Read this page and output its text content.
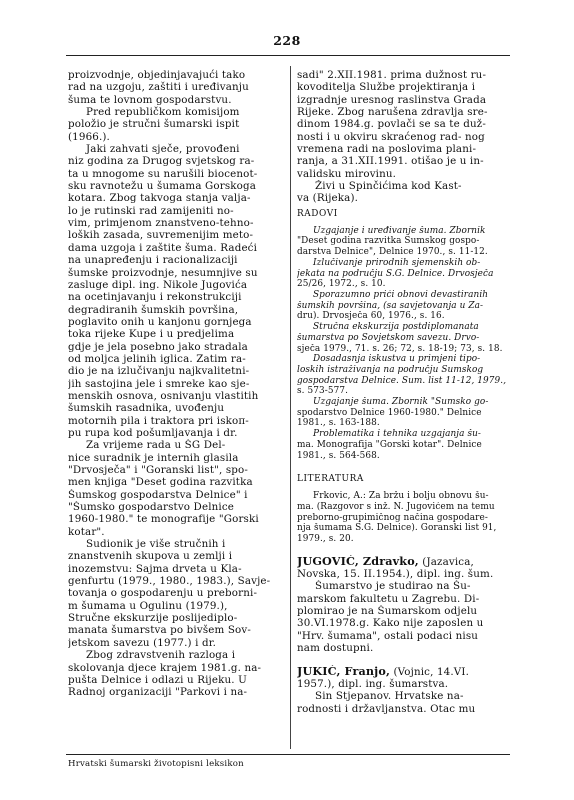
228
proizvodnje, objedinjavajući tako
rad na uzgoju, zaštiti i uređivanju
šuma te lovnom gospodarstvu.
Pred republičkom komisijom
položio je stručni šumarski ispit
(1966.).
Jaki zahvati sječe, provođeni
niz godina za Drugog svjetskog ra-
ta u mnogome su narušili biocenot-
sku ravnotežu u šumama Gorskoga
kotara. Zbog takvoga stanja valja-
lo je rutinski rad zamijeniti no-
vim, primjenom znanstveno-tehno-
loških zasada, suvremenijim meto-
dama uzgoja i zaštite šuma. Radeći
na unapređenju i racionalizaciji
šumske proizvodnje, nesumnjive su
zasluge dipl. ing. Nikole Jugovića
na ocetinjavanju i rekonstrukciji
degradiranih šumskih površina,
poglavito onih u kanjonu gornjega
toka rijeke Kupe i u predjelima
gdje je jela posebno jako stradala
od moljca jelinih iglica. Zatim ra-
dio je na izlučivanju najkvalitetni-
jih sastojina jele i smreke kao sje-
menskih osnova, osnivanju vlastitih
šumskih rasadnika, uvođenju
motornih pila i traktora pri iskoπ-
pu rupa kod pošumljavanja i dr.
Za vrijeme rada u ŠG Del-
nice suradnik je internih glasila
"Drvosječa" i "Goranski list", spo-
men knjiga "Deset godina razvitka
Šumskog gospodarstva Delnice" i
"Šumsko gospodarstvo Delnice
1960-1980." te monografije "Gorski
kotar".
Sudionik je više stručnih i
znanstvenih skupova u zemlji i
inozemstvu: Sajma drveta u Kla-
genfurtu (1979., 1980., 1983.), Savje-
tovanja o gospodarenju u preborni-
m šumama u Ogulinu (1979.),
Stručne ekskurzije poslijediplo-
manata šumarstva po bivšem Sov-
jetskom savezu (1977.) i dr.
Zbog zdravstvenih razloga i
skolovanja djece krajem 1981.g. na-
pušta Delnice i odlazi u Rijeku. U
Radnoj organizaciji "Parkovi i na-
sadi" 2.XII.1981. prima dužnost ru-
kovoditelja Službe projektiranja i
izgradnje uresnog raslinstva Grada
Rijeke. Zbog narušena zdravlja sre-
dinom 1984.g. povlači se sa te duž-
nosti i u okviru skraćenog rad- nog
vremena radi na poslovima plani-
ranja, a 31.XII.1991. otišao je u in-
validsku mirovinu.
Živi u Spinčićima kod Kast-
va (Rijeka).
RADOVI
Uzgajanje i uređivanje šuma. Zbornik
"Deset godina razvitka Šumskog gospo-
darstva Delnice", Delnice 1970., s. 11-12.
Izlučivanje prirodnih sjemenskih ob-
jekata na području Š.G. Delnice. Drvosječa
25/26, 1972., s. 10.
Sporazumno prići obnovi devastiranih
šumskih površina, (sa savjetovanja u Za-
dru). Drvosječa 60, 1976., s. 16.
Stručna ekskurzija postdiplomanata
šumarstva po Sovjetskom savezu. Drvo-
sječa 1979., 71. s. 26; 72, s. 18-19; 73, s. 18.
Dosadasnja iskustva u primjeni tipo-
loskih istraživanja na području Šumskog
gospodarstva Delnice. Šum. list 11-12, 1979.,
s. 573-577.
Uzgajanje šuma. Zbornik "Šumsko go-
spodarstvo Delnice 1960-1980." Delnice
1981., s. 163-188.
Problematika i tehnika uzgajanja šu-
ma. Monografija "Gorski kotar". Delnice
1981., s. 564-568.
LITERATURA
Frkovic, A.: Za bržu i bolju obnovu šu-
ma. (Razgovor s inž. N. Jugovićem na temu
preborno-grupimičnog načina gospodare-
nja šumama Š.G. Delnice). Goranski list 91,
1979., s. 20.
JUGOVIĆ, Zdravko, (Jazavica,
Novska, 15. II.1954.), dipl. ing. šum.
Šumarstvo je studirao na Šu-
marskom fakultetu u Zagrebu. Di-
plomirao je na Šumarskom odjelu
30.VI.1978.g. Kako nije zaposlen u
"Hrv. šumama", ostali podaci nisu
nam dostupni.
JUKIĆ, Franjo, (Vojnic, 14.VI.
1957.), dipl. ing. šumarstva.
Sin Stjepanov. Hrvatske na-
rodnosti i državljanstva. Otac mu
Hrvatski šumarski životopisni leksikon
